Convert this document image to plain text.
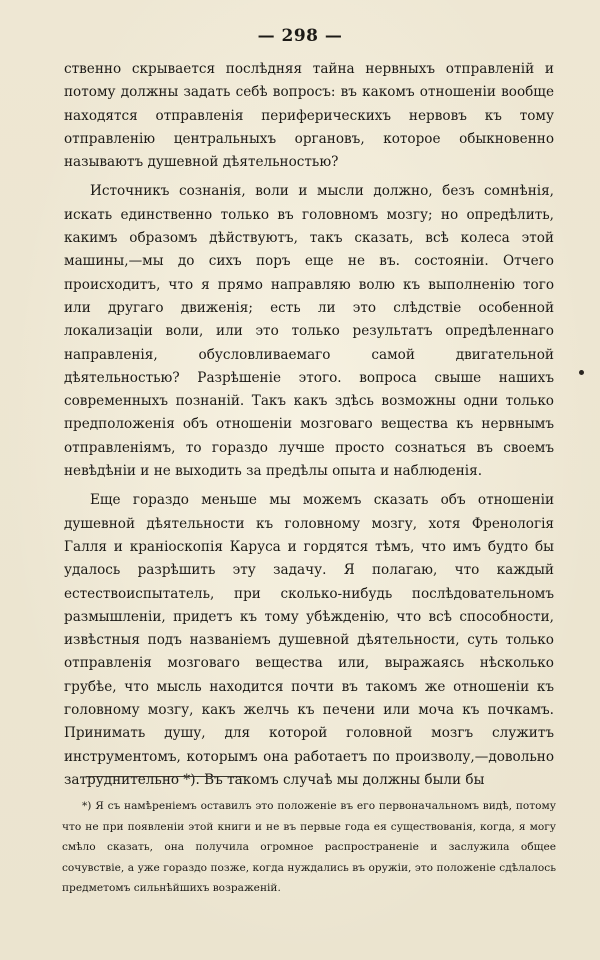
— 298 —

ственно скрывается послѣдняя тайна нервныхъ отправленій и потому должны задать себѣ вопросъ: въ какомъ отношеніи вообще находятся отправленія периферическихъ нервовъ къ тому отправленію центральныхъ органовъ, которое обыкновенно называютъ душевной дѣятельностью?

Источникъ сознанія, воли и мысли должно, безъ сомнѣнія, искать единственно только въ головномъ мозгу; но опредѣлить, какимъ образомъ дѣйствуютъ, такъ сказать, всѣ колеса этой машины,—мы до сихъ поръ еще не въ. состояніи. Отчего происходитъ, что я прямо направляю волю къ выполненію того или другаго движенія; есть ли это слѣдствіе особенной локализаціи воли, или это только результатъ опредѣленнаго направленія, обусловливаемаго самой двигательной дѣятельностью? Разрѣшеніе этого. вопроса свыше нашихъ современныхъ познаній. Такъ какъ здѣсь возможны одни только предположенія объ отношеніи мозговаго вещества къ нервнымъ отправленіямъ, то гораздо лучше просто сознаться въ своемъ невѣдѣніи и не выходить за предѣлы опыта и наблюденія.

Еще гораздо меньше мы можемъ сказать объ отношеніи душевной дѣятельности къ головному мозгу, хотя Френологія Галля и краніоскопія Каруса и гордятся тѣмъ, что имъ будто бы удалось разрѣшить эту задачу. Я полагаю, что каждый естествоиспытатель, при сколько-нибудь послѣдовательномъ размышленіи, придетъ къ тому убѣжденію, что всѣ способности, извѣстныя подъ названіемъ душевной дѣятельности, суть только отправленія мозговаго вещества или, выражаясь нѣсколько грубѣе, что мысль находится почти въ такомъ же отношеніи къ головному мозгу, какъ желчь къ печени или моча къ почкамъ. Принимать душу, для которой головной мозгъ служитъ инструментомъ, которымъ она работаетъ по произволу,—довольно затруднительно *). Въ такомъ случаѣ мы должны были бы

*) Я съ намѣреніемъ оставилъ это положеніе въ его первоначальномъ видѣ, потому что не при появленіи этой книги и не въ первые года ея существованія, когда, я могу смѣло сказать, она получила огромное распространеніе и заслужила общее сочувствіе, а уже гораздо позже, когда нуждались въ оружіи, это положеніе сдѣлалось предметомъ сильнѣйшихъ возраженій.
